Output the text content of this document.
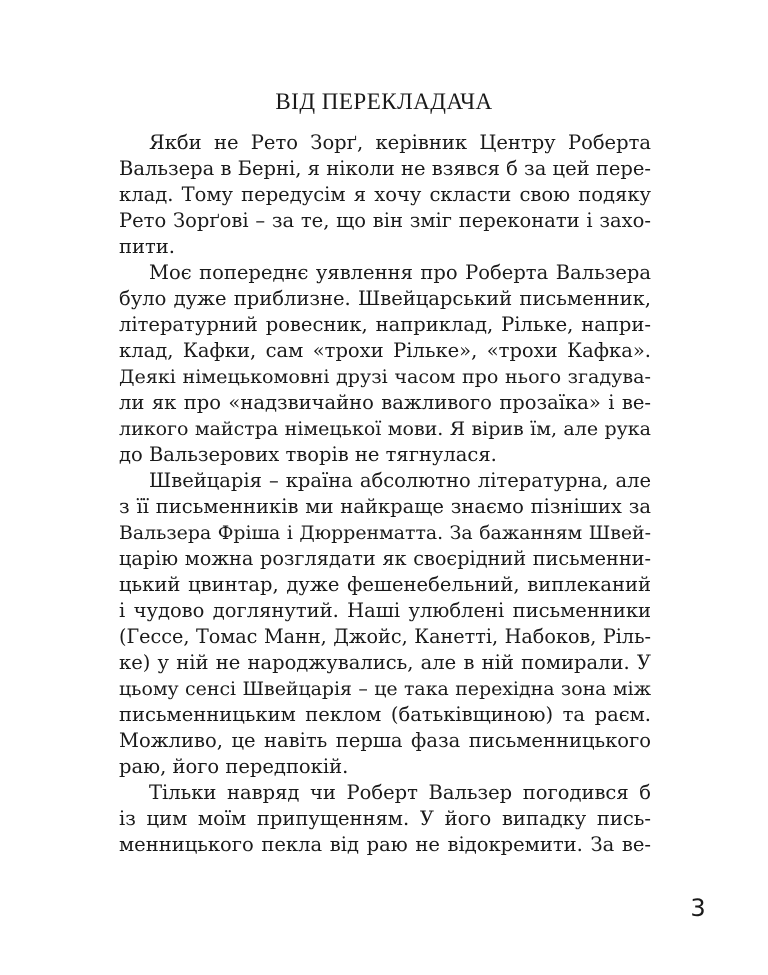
ВІД ПЕРЕКЛАДАЧА
Якби не Рето Зорґ, керівник Центру Роберта
Вальзера в Берні, я ніколи не взявся б за цей пере-
клад. Тому передусім я хочу скласти свою подяку
Рето Зорґові – за те, що він зміг переконати і захо-
пити.
Моє попереднє уявлення про Роберта Вальзера
було дуже приблизне. Швейцарський письменник,
літературний ровесник, наприклад, Рільке, напри-
клад, Кафки, сам «трохи Рільке», «трохи Кафка».
Деякі німецькомовні друзі часом про нього згадува-
ли як про «надзвичайно важливого прозаїка» і ве-
ликого майстра німецької мови. Я вірив їм, але рука
до Вальзерових творів не тягнулася.
Швейцарія – країна абсолютно літературна, але
з її письменників ми найкраще знаємо пізніших за
Вальзера Фріша і Дюрренматта. За бажанням Швей-
царію можна розглядати як своєрідний письменни-
цький цвинтар, дуже фешенебельний, виплеканий
і чудово доглянутий. Наші улюблені письменники
(Гессе, Томас Манн, Джойс, Канетті, Набоков, Ріль-
ке) у ній не народжувались, але в ній помирали. У
цьому сенсі Швейцарія – це така перехідна зона між
письменницьким пеклом (батьківщиною) та раєм.
Можливо, це навіть перша фаза письменницького
раю, його передпокій.
Тільки навряд чи Роберт Вальзер погодився б
із цим моїм припущенням. У його випадку пись-
менницького пекла від раю не відокремити. За ве-
3
